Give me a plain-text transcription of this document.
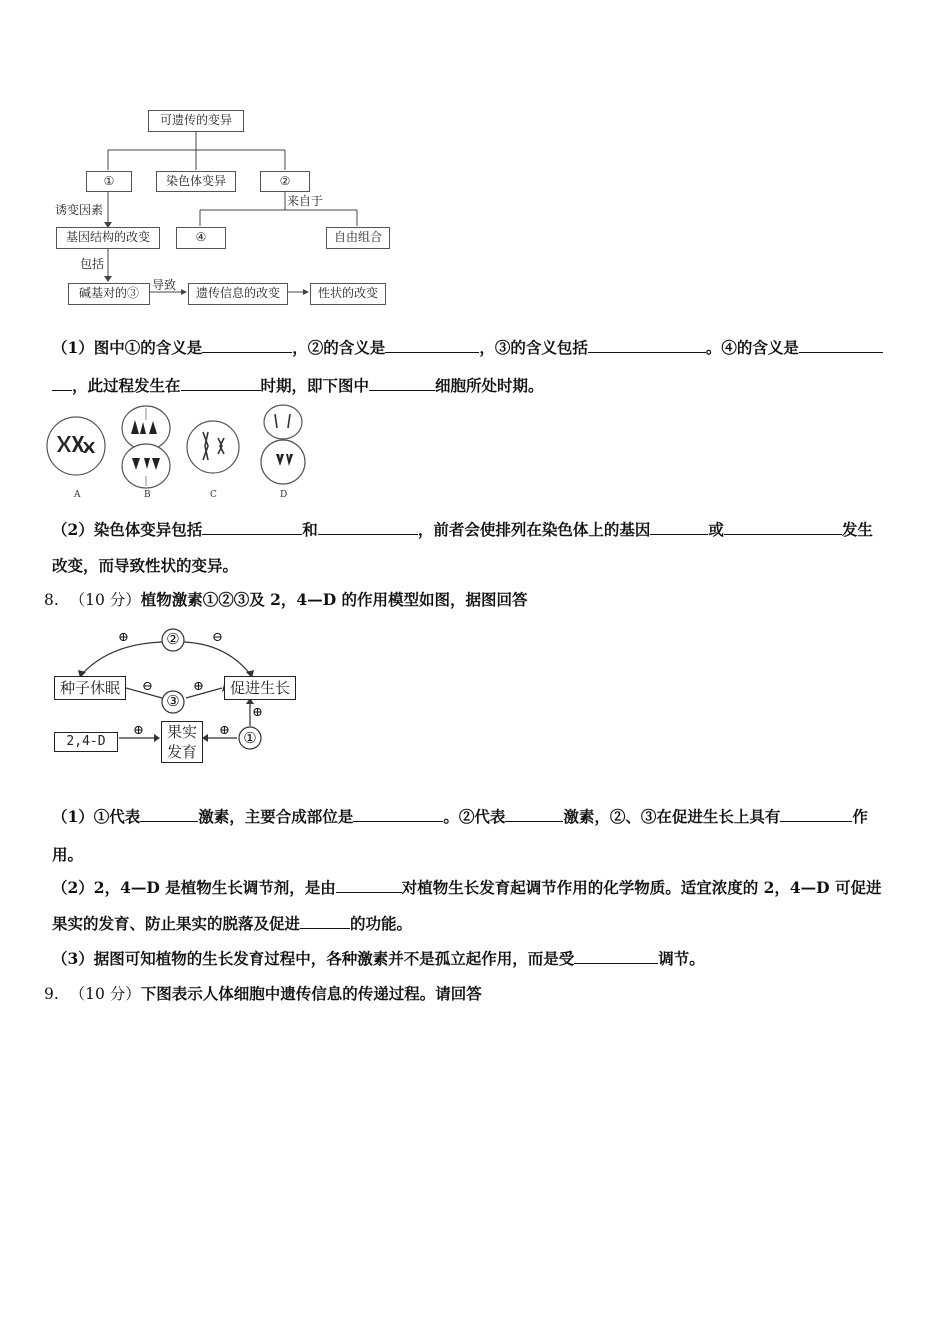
可遗传的变异
①	染色体变异	②
诱变因素
来自于
基因结构的改变	④	自由组合
包括
碱基对的③
导致
遗传信息的改变	性状的改变
（1）图中①的含义是	，②的含义是	，③的含义包括	。④的含义是
，此过程发生在	时期，即下图中	细胞所处时期。
A	B	C	D
（2）染色体变异包括	和	，前者会使排列在染色体上的基因	或	发生
改变，而导致性状的变异。
8. （10 分）植物激素①②③及 2，4—D 的作用模型如图，据图回答
②
③
①
⊕	⊖
⊖	⊕
⊕	⊕
⊕
种子休眠	促进生长
2,4-D
果实
发育
（1）①代表	激素，主要合成部位是	。②代表	激素，②、③在促进生长上具有	作
用。
（2）2，4—D 是植物生长调节剂，是由	对植物生长发育起调节作用的化学物质。适宜浓度的 2，4—D 可促进
果实的发育、防止果实的脱落及促进	的功能。
（3）据图可知植物的生长发育过程中，各种激素并不是孤立起作用，而是受	调节。
9. （10 分）下图表示人体细胞中遗传信息的传递过程。请回答
